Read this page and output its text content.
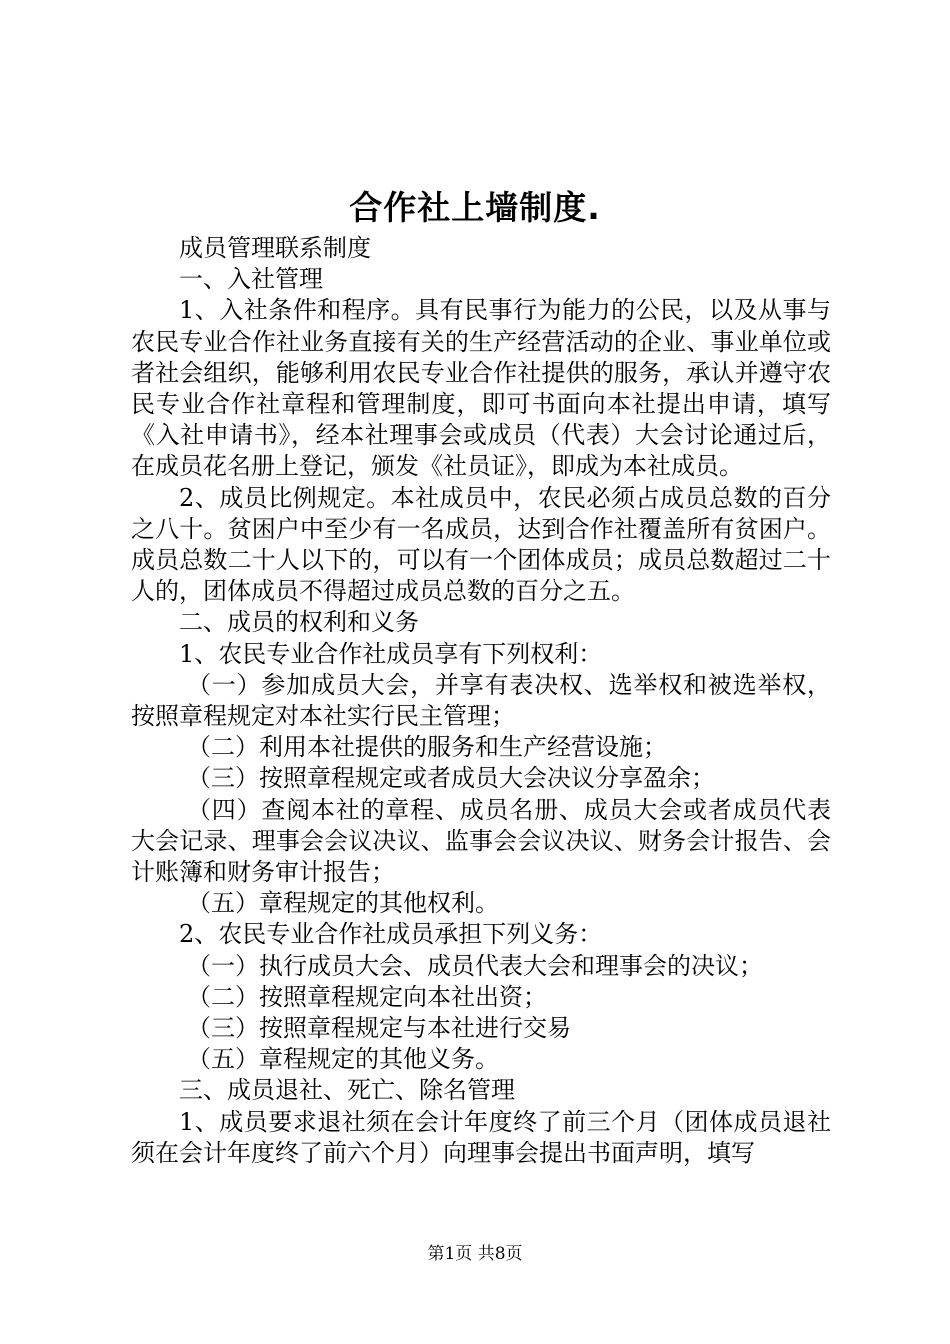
合作社上墙制度.

成员管理联系制度

一、入社管理

1、入社条件和程序。具有民事行为能力的公民，以及从事与农民专业合作社业务直接有关的生产经营活动的企业、事业单位或者社会组织，能够利用农民专业合作社提供的服务，承认并遵守农民专业合作社章程和管理制度，即可书面向本社提出申请，填写《入社申请书》，经本社理事会或成员（代表）大会讨论通过后，在成员花名册上登记，颁发《社员证》，即成为本社成员。

2、成员比例规定。本社成员中，农民必须占成员总数的百分之八十。贫困户中至少有一名成员，达到合作社覆盖所有贫困户。成员总数二十人以下的，可以有一个团体成员；成员总数超过二十人的，团体成员不得超过成员总数的百分之五。

二、成员的权利和义务

1、农民专业合作社成员享有下列权利：

（一）参加成员大会，并享有表决权、选举权和被选举权，按照章程规定对本社实行民主管理；

（二）利用本社提供的服务和生产经营设施；

（三）按照章程规定或者成员大会决议分享盈余；

（四）查阅本社的章程、成员名册、成员大会或者成员代表大会记录、理事会会议决议、监事会会议决议、财务会计报告、会计账簿和财务审计报告；

（五）章程规定的其他权利。

2、农民专业合作社成员承担下列义务：

（一）执行成员大会、成员代表大会和理事会的决议；

（二）按照章程规定向本社出资；

（三）按照章程规定与本社进行交易

（五）章程规定的其他义务。

三、成员退社、死亡、除名管理

1、成员要求退社须在会计年度终了前三个月（团体成员退社须在会计年度终了前六个月）向理事会提出书面声明，填写

第1页 共8页
